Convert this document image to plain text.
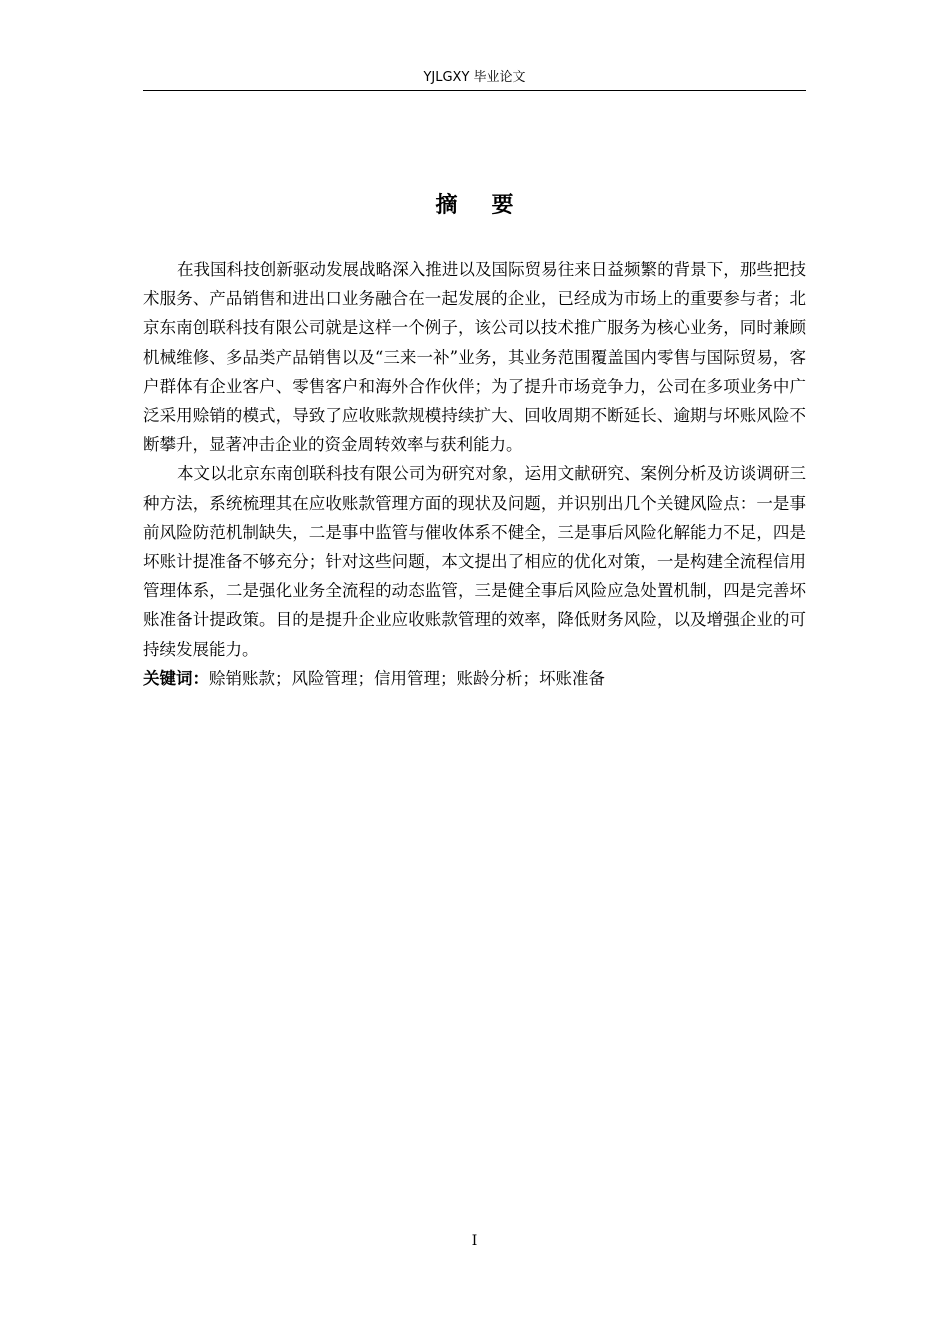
YJLGXY 毕业论文
摘要

在我国科技创新驱动发展战略深入推进以及国际贸易往来日益频繁的背景下，那些把技术服务、产品销售和进出口业务融合在一起发展的企业，已经成为市场上的重要参与者；北京东南创联科技有限公司就是这样一个例子，该公司以技术推广服务为核心业务，同时兼顾机械维修、多品类产品销售以及“三来一补”业务，其业务范围覆盖国内零售与国际贸易，客户群体有企业客户、零售客户和海外合作伙伴；为了提升市场竞争力，公司在多项业务中广泛采用赊销的模式，导致了应收账款规模持续扩大、回收周期不断延长、逾期与坏账风险不断攀升，显著冲击企业的资金周转效率与获利能力。

本文以北京东南创联科技有限公司为研究对象，运用文献研究、案例分析及访谈调研三种方法，系统梳理其在应收账款管理方面的现状及问题，并识别出几个关键风险点：一是事前风险防范机制缺失，二是事中监管与催收体系不健全，三是事后风险化解能力不足，四是坏账计提准备不够充分；针对这些问题，本文提出了相应的优化对策，一是构建全流程信用管理体系，二是强化业务全流程的动态监管，三是健全事后风险应急处置机制，四是完善坏账准备计提政策。目的是提升企业应收账款管理的效率，降低财务风险，以及增强企业的可持续发展能力。

关键词：赊销账款；风险管理；信用管理；账龄分析；坏账准备

I
